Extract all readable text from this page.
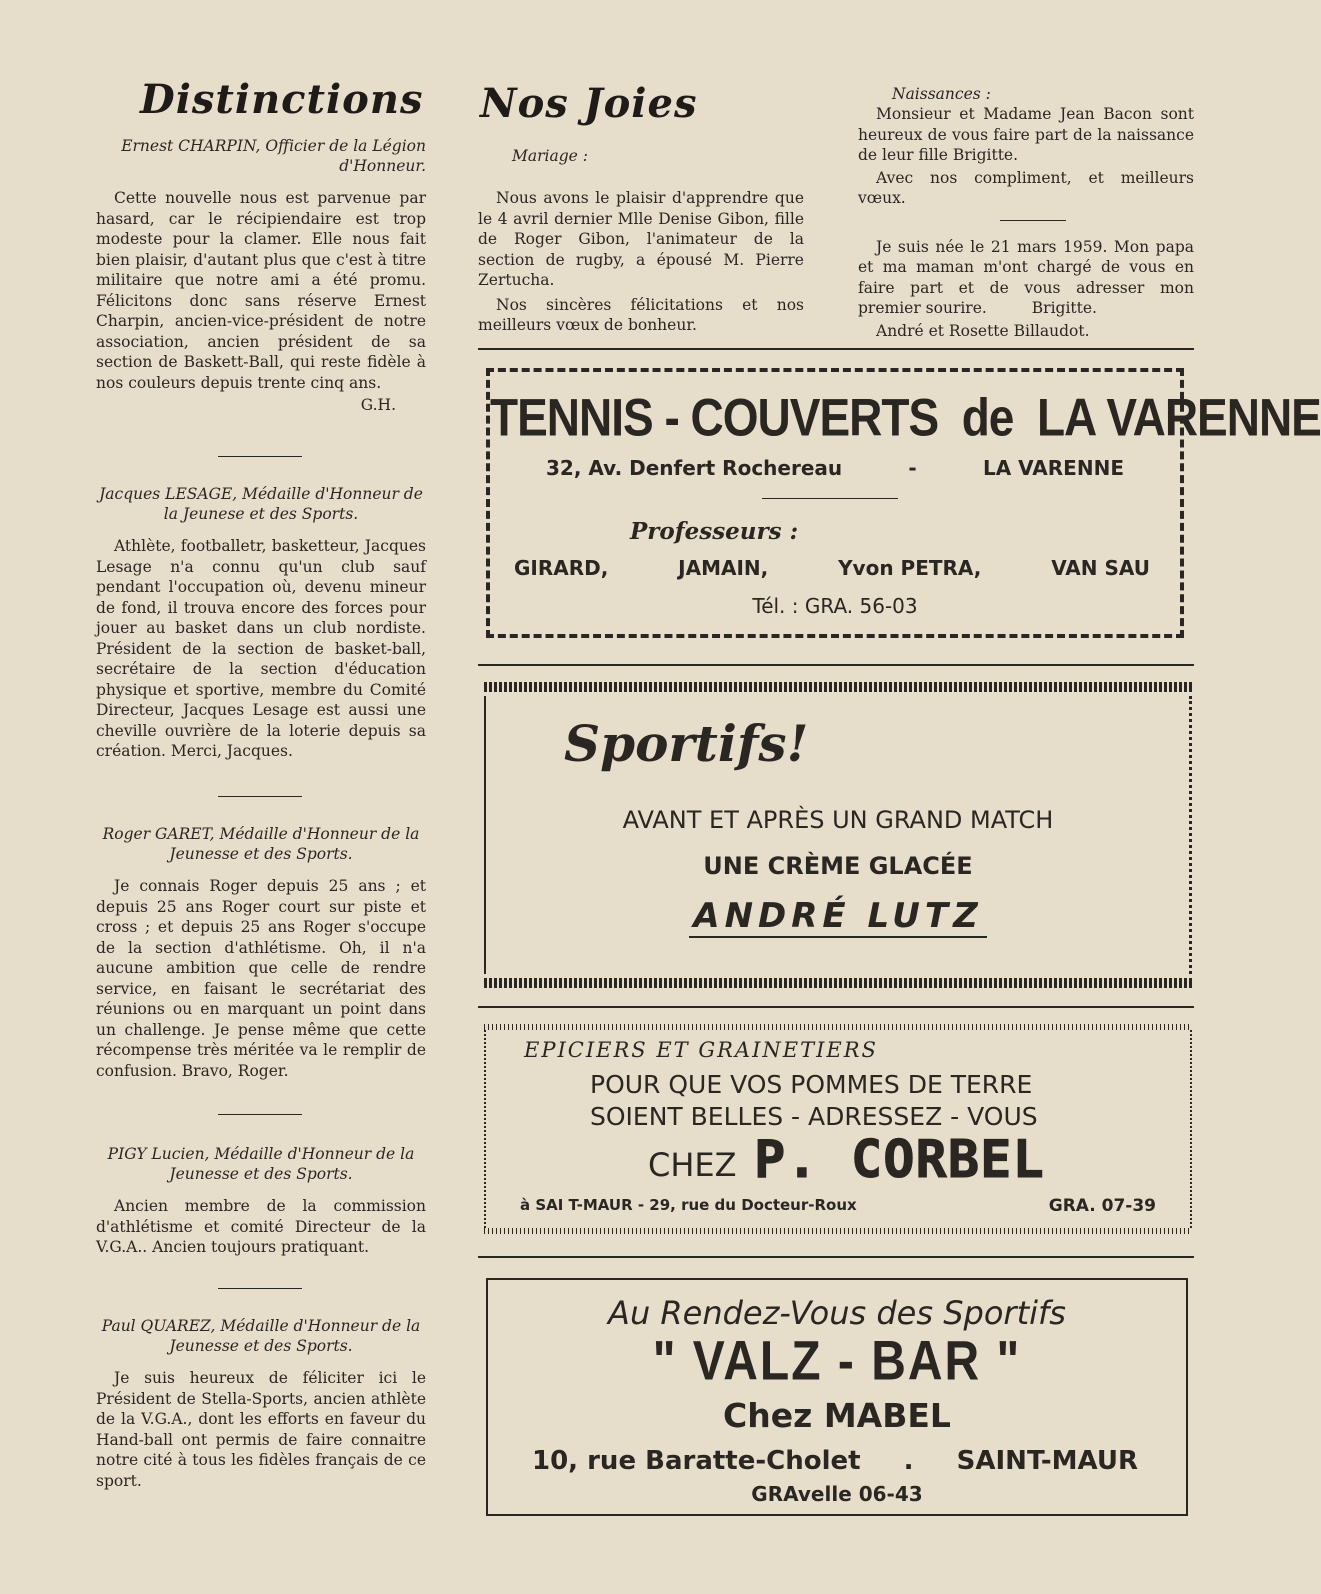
Distinctions
Ernest CHARPIN, Officier de la Légion d'Honneur.
Cette nouvelle nous est parvenue par hasard, car le récipiendaire est trop modeste pour la clamer. Elle nous fait bien plaisir, d'autant plus que c'est à titre militaire que notre ami a été promu. Félicitons donc sans réserve Ernest Charpin, ancien-vice-président de notre association, ancien président de sa section de Baskett-Ball, qui reste fidèle à nos couleurs depuis trente cinq ans.
G.H.
Jacques LESAGE, Médaille d'Honneur de la Jeunese et des Sports.
Athlète, footballetr, basketteur, Jacques Lesage n'a connu qu'un club sauf pendant l'occupation où, devenu mineur de fond, il trouva encore des forces pour jouer au basket dans un club nordiste. Président de la section de basket-ball, secrétaire de la section d'éducation physique et sportive, membre du Comité Directeur, Jacques Lesage est aussi une cheville ouvrière de la loterie depuis sa création. Merci, Jacques.
Roger GARET, Médaille d'Honneur de la Jeunesse et des Sports.
Je connais Roger depuis 25 ans ; et depuis 25 ans Roger court sur piste et cross ; et depuis 25 ans Roger s'occupe de la section d'athlétisme. Oh, il n'a aucune ambition que celle de rendre service, en faisant le secrétariat des réunions ou en marquant un point dans un challenge. Je pense même que cette récompense très méritée va le remplir de confusion. Bravo, Roger.
PIGY Lucien, Médaille d'Honneur de la Jeunesse et des Sports.
Ancien membre de la commission d'athlétisme et comité Directeur de la V.G.A.. Ancien toujours pratiquant.
Paul QUAREZ, Médaille d'Honneur de la Jeunesse et des Sports.
Je suis heureux de féliciter ici le Président de Stella-Sports, ancien athlète de la V.G.A., dont les efforts en faveur du Hand-ball ont permis de faire connaitre notre cité à tous les fidèles français de ce sport.
Nos Joies
Mariage :
Nous avons le plaisir d'apprendre que le 4 avril dernier Mlle Denise Gibon, fille de Roger Gibon, l'animateur de la section de rugby, a épousé M. Pierre Zertucha.
Nos sincères félicitations et nos meilleurs vœux de bonheur.
Naissances :
Monsieur et Madame Jean Bacon sont heureux de vous faire part de la naissance de leur fille Brigitte.
Avec nos compliment, et meilleurs vœux.
Je suis née le 21 mars 1959. Mon papa et ma maman m'ont chargé de vous en faire part et de vous adresser mon premier sourire.	Brigitte.
André et Rosette Billaudot.
TENNIS - COUVERTS  de  LA VARENNE
32, Av. Denfert Rochereau	-	LA VARENNE
Professeurs :
GIRARD,	JAMAIN,	Yvon PETRA,	VAN SAU
Tél. : GRA. 56-03
Sportifs!
AVANT ET APRÈS UN GRAND MATCH
UNE CRÈME GLACÉE
ANDRÉ LUTZ
EPICIERS ET GRAINETIERS
POUR QUE VOS POMMES DE TERRE
SOIENT BELLES - ADRESSEZ - VOUS
CHEZ P. CORBEL
à SAI T-MAUR - 29, rue du Docteur-Roux	GRA. 07-39
Au Rendez-Vous des Sportifs
" VALZ - BAR "
Chez MABEL
10, rue Baratte-Cholet . SAINT-MAUR
GRAvelle 06-43
